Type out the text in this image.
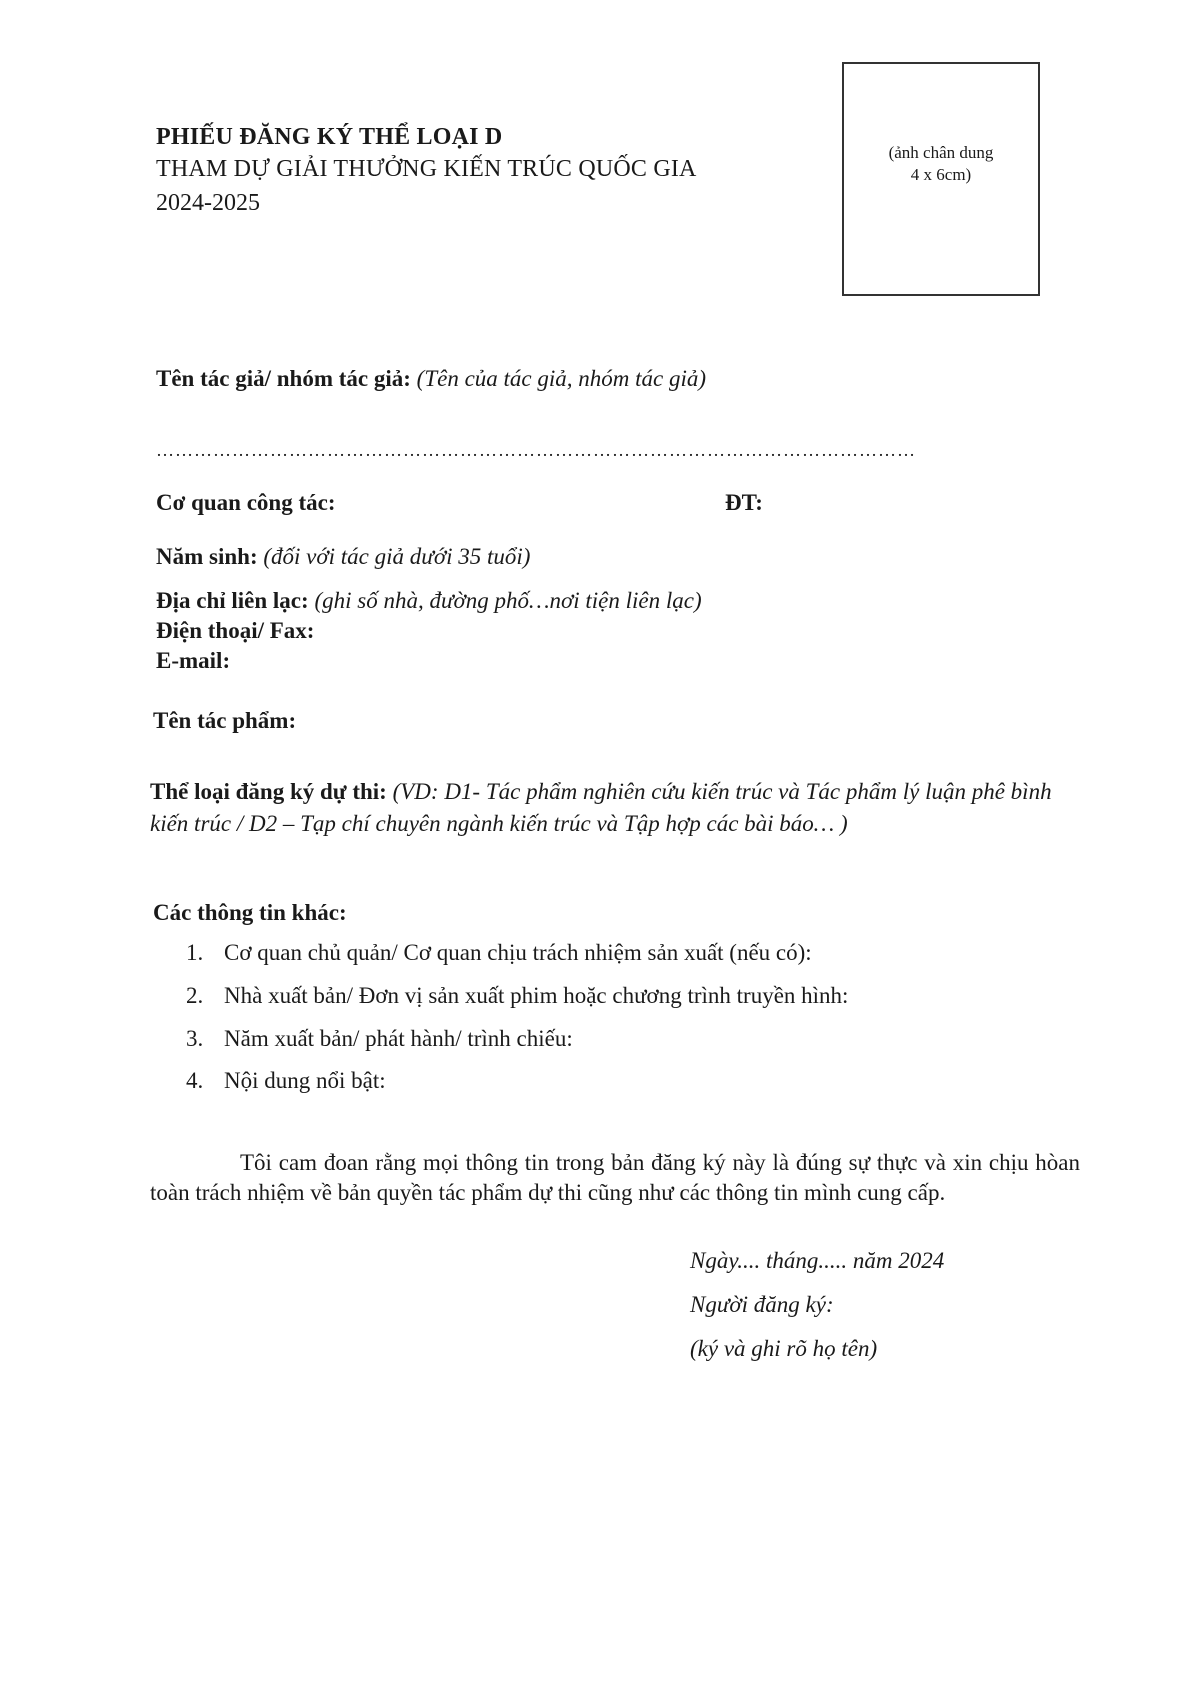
PHIẾU ĐĂNG KÝ THỂ LOẠI D
THAM DỰ GIẢI THƯỞNG KIẾN TRÚC QUỐC GIA
2024-2025
(ảnh chân dung
4 x 6cm)
Tên tác giả/ nhóm tác giả: (Tên của tác giả, nhóm tác giả)
…………………………………………………………………………………………………………
Cơ quan công tác:	ĐT:
Năm sinh: (đối với tác giả dưới 35 tuổi)
Địa chỉ liên lạc: (ghi số nhà, đường phố…nơi tiện liên lạc)
Điện thoại/ Fax:
E-mail:
Tên tác phẩm:
Thể loại đăng ký dự thi: (VD: D1- Tác phẩm nghiên cứu kiến trúc và Tác phẩm lý luận phê bình kiến trúc / D2 – Tạp chí chuyên ngành kiến trúc và Tập hợp các bài báo… )
Các thông tin khác:
1. Cơ quan chủ quản/ Cơ quan chịu trách nhiệm sản xuất (nếu có):
2. Nhà xuất bản/ Đơn vị sản xuất phim hoặc chương trình truyền hình:
3. Năm xuất bản/ phát hành/ trình chiếu:
4. Nội dung nổi bật:
Tôi cam đoan rằng mọi thông tin trong bản đăng ký này là đúng sự thực và xin chịu hòan toàn trách nhiệm về bản quyền tác phẩm dự thi cũng như các thông tin mình cung cấp.
Ngày.... tháng..... năm 2024
Người đăng ký:
(ký và ghi rõ họ tên)
